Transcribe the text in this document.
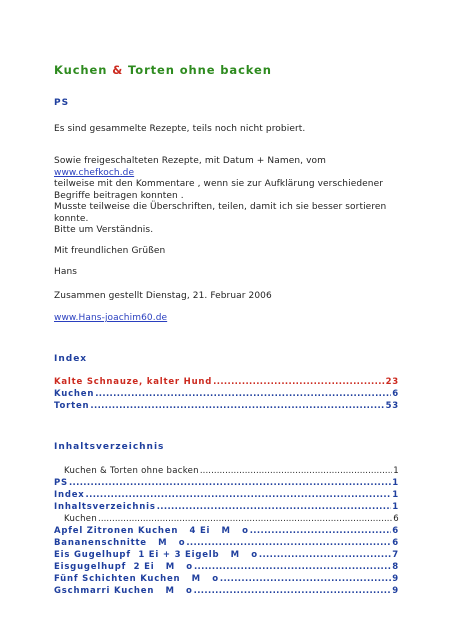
Kuchen & Torten ohne backen
PS
Es sind gesammelte Rezepte, teils noch nicht probiert.
Sowie freigeschalteten Rezepte, mit Datum + Namen, vom
www.chefkoch.de
teilweise mit den Kommentare , wenn sie zur Aufklärung verschiedener
Begriffe beitragen konnten .
Musste teilweise die Überschriften, teilen, damit ich sie besser sortieren
konnte.
Bitte um Verständnis.
Mit freundlichen Grüßen
Hans
Zusammen gestellt Dienstag, 21. Februar 2006
www.Hans-joachim60.de
Index
Kalte Schnauze, kalter Hund . . .	23
Kuchen . . .	6
Torten . . .	53
Inhaltsverzeichnis
Kuchen & Torten ohne backen . . .	1
PS . . .	1
Index . . .	1
Inhaltsverzeichnis . . .	1
Kuchen . . .	6
Apfel Zitronen Kuchen   4 Ei   M   o . . .	6
Bananenschnitte   M   o . . .	6
Eis Gugelhupf  1 Ei + 3 Eigelb   M   o . . .	7
Eisgugelhupf  2 Ei   M   o . . .	8
Fünf Schichten Kuchen   M   o . . .	9
Gschmarri Kuchen   M   o . . .	9
